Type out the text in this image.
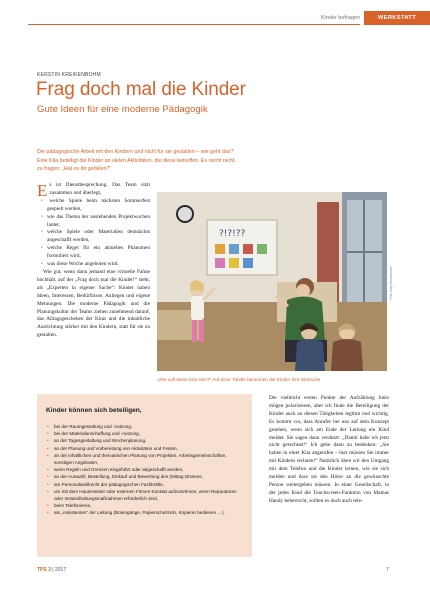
Kinder befragen	WERKSTATT
KERSTIN KREIKENBOHM
Frag doch mal die Kinder
Gute Ideen für eine moderne Pädagogik

Die pädagogische Arbeit mit den Kindern und nicht für sie gestalten – wie geht das?

Eine Kita beteiligt die Kinder an vielen Aktivitäten, die diese betreffen. Es reicht nicht,

zu fragen: „Hat es dir gefallen?“

Es ist Dienstbesprechung. Das Team sitzt zusammen und überlegt,

• welche Spiele beim nächsten Sommerfest gespielt werden,
• wie das Thema der anstehenden Projektwochen lautet,
• welche Spiele oder Materialien demnächst angeschafft werden,
• welche Regel für ein aktuelles Phänomen formuliert wird,
• was diese Woche angeboten wird.

Wie gut, wenn dann jemand eine virtuelle Fahne hochhält, auf der „Frag doch mal die Kinder!“ steht, als „Experten in eigener Sache“: Kinder haben Ideen, Interessen, Bedürfnisse, Anliegen und eigene Meinungen. Die moderne Pädagogik und die Planungskultur der Teams ziehen zunehmend darauf, das Alltagsgeschehen der Kitas und die inhaltliche Ausrichtung stärker mit den Kindern, statt für sie zu gestalten.

?!?!??
Foto: Anja Neuhaus/om
„Wie soll deine Kita sein?“ Auf einer Tafelle benennen die Kinder ihre Wünsche
• bei der Raumgestaltung und -nutzung,
• bei der Materialanschaffung und -nutzung,
• an der Tagesgestaltung und Wochenplanung,
• an der Planung und Vorbereitung von Aktivitäten und Festen,
• an der inhaltlichen und thematischen Planung von Projekten, Arbeitsgemeinschaften, sonstigen Angeboten,
• wenn Regeln und Grenzen eingeführt oder abgeschafft werden,
• an der Auswahl, Bestellung, Einkauf und Bewertung des (Mittag-)Essens,
• am Personalwahlrecht der pädagogischen Fachkräfte,
• um mit dem Hausmeister oder externen Firmen Kontakt aufzunehmen, wenn Reparaturen oder Instandhaltungsmaßnahmen erforderlich sind,
• beim Telefonieren,
• als „Assistenten“ der Leitung (Botengänge, Papierschnitzeln, Kopierer bedienen …).
Kinder können sich beteiligen,

Die vielleicht ersten Punkte der Aufzählung links mögen polarisieren, aber ich finde die Beteiligung der Kinder auch an diesen Tätigkeiten legitim und wichtig. Es kommt vor, dass Anrufer bei uns auf dem Konzept gesehen, wenn sich am Ende der Leitung ein Kind meldet. Sie sagen dann verdutzt: „Damit habe ich jetzt nicht gerechnet!“ Ich gebe dann zu bedenken: „Sie haben in einer Kita angerufen – hier müssen Sie immer mit Kindern rechnen!“ Natürlich üben wir den Umgang mit dem Telefon und die Kinder lernen, wie sie sich melden und dass sie den Hörer an die gewünschte Person weitergeben müssen. In einer Gesellschaft, in der jedes Kind die Touchscreen-Funktion von Mamas Handy beherrscht, sollten es doch auch tele-

TPS 3 | 2017	7
